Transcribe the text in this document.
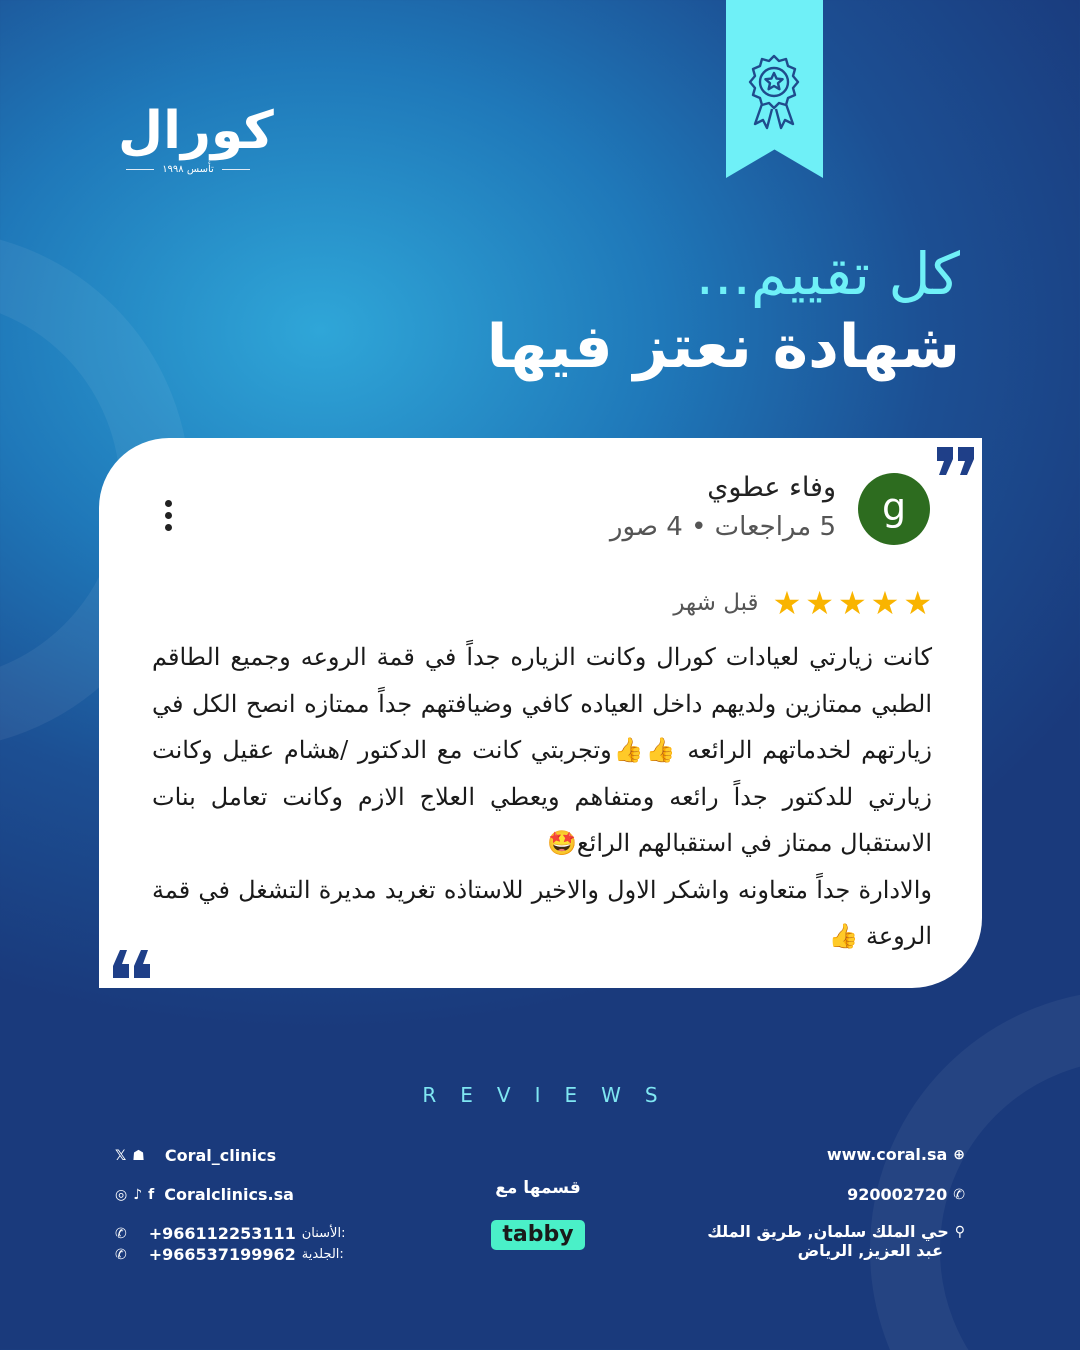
كورال
تأسس ١٩٩٨
كل تقييم...
شهادة نعتز فيها
g
وفاء عطوي
5 مراجعات • 4 صور
★
★
★
★
★
قبل شهر
كانت زيارتي لعيادات كورال وكانت الزياره جداً في قمة الروعه وجميع الطاقم الطبي ممتازين ولديهم داخل العياده كافي وضيافتهم جداً ممتازه انصح الكل في زيارتهم لخدماتهم الرائعه 👍👍وتجربتي كانت مع الدكتور /هشام عقيل وكانت زيارتي للدكتور جداً رائعه ومتفاهم ويعطي العلاج الازم وكانت تعامل بنات الاستقبال ممتاز في استقبالهم الرائع🤩
والادارة جداً متعاونه واشكر الاول والاخير للاستاذه تغريد مديرة التشغل في قمة الروعة 👍
REVIEWS
𝕏 ☗ Coral_clinics
◎ ♪ f Coralclinics.sa
✆ +966112253111 الأسنان:
✆ +966537199962 الجلدية:
قسمها مع
tabby
www.coral.sa ⊕
920002720 ✆
⚲
حي الملك سلمان, طريق الملك
عبد العزيز, الرياض
